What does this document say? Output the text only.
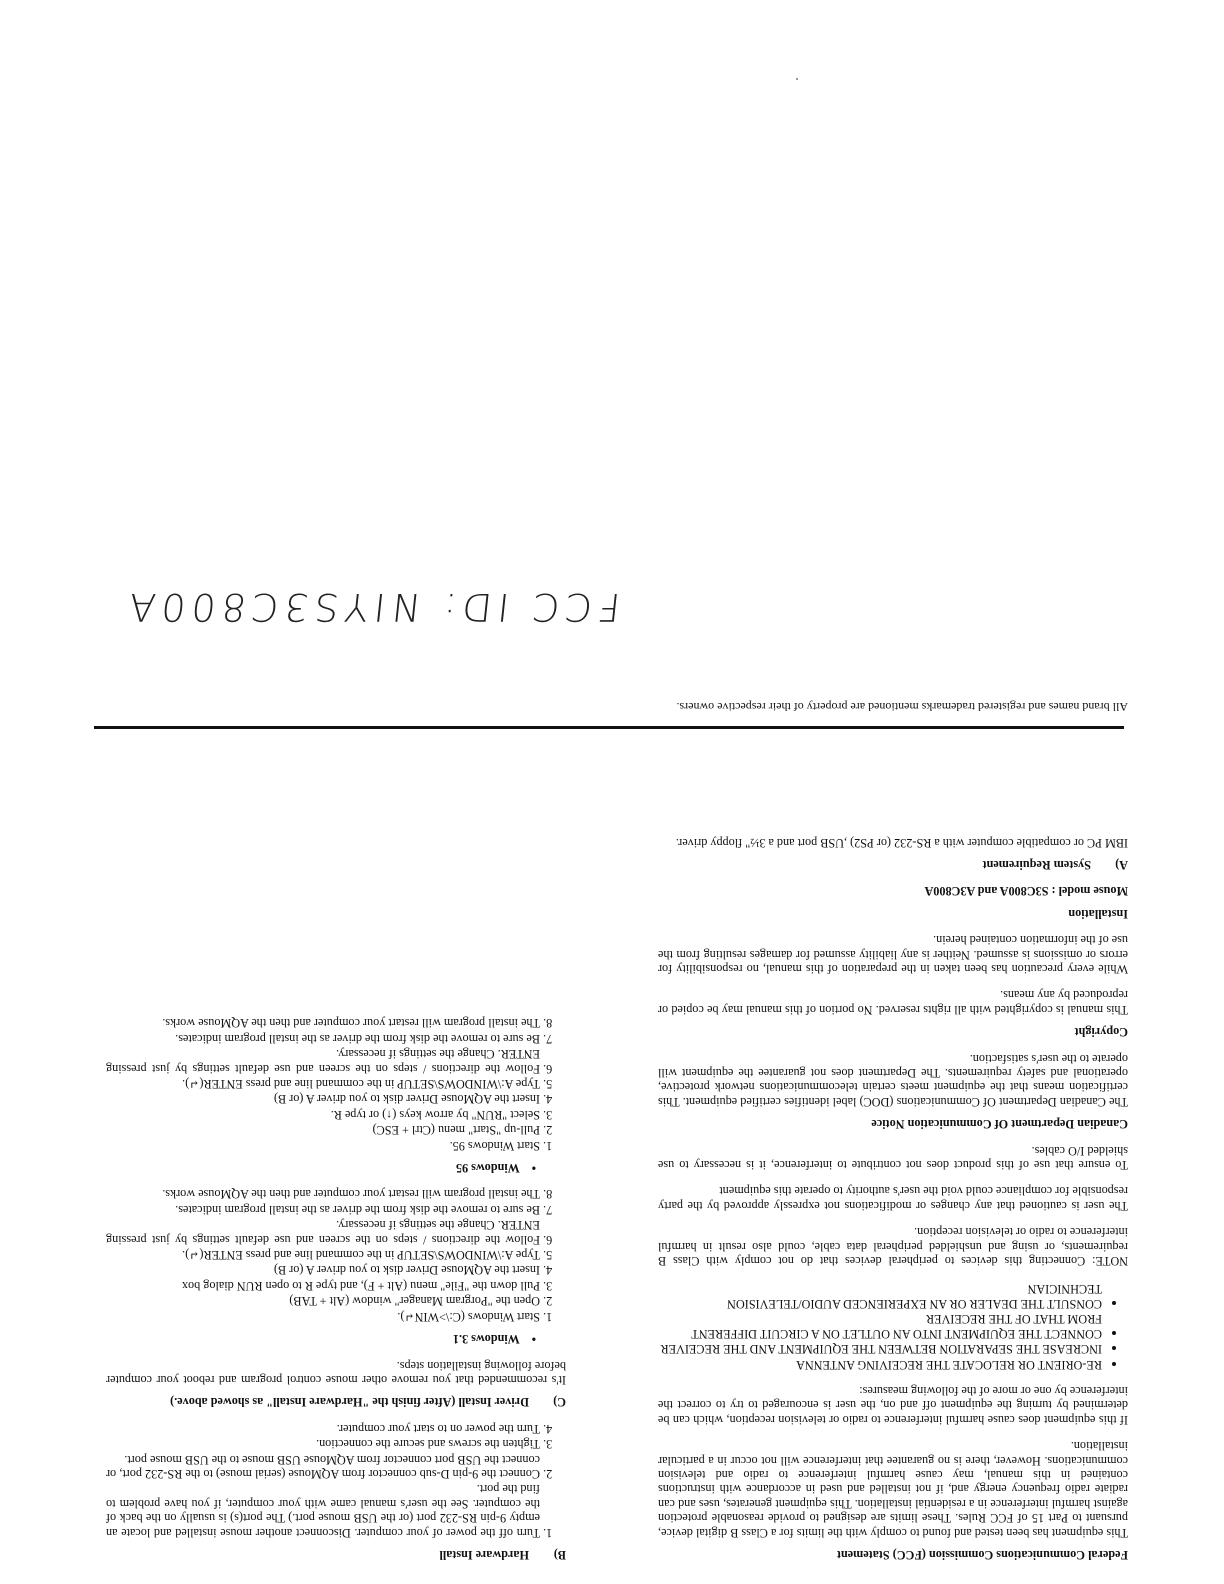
Federal Communications Commission (FCC) Statement

This equipment has been tested and found to comply with the limits for a Class B digital device, pursuant to Part 15 of FCC Rules. These limits are designed to provide reasonable protection against harmful interference in a residential installation. This equipment generates, uses and can radiate radio frequency energy and, if not installed and used in accordance with instructions contained in this manual, may cause harmful interference to radio and television communications. However, there is no guarantee that interference will not occur in a particular installation.

If this equipment does cause harmful interference to radio or television reception, which can be determined by turning the equipment off and on, the user is encouraged to try to correct the interference by one or more of the following measures:

• RE-ORIENT OR RELOCATE THE RECEIVING ANTENNA
• INCREASE THE SEPARATION BETWEEN THE EQUIPMENT AND THE RECEIVER
• CONNECT THE EQUIPMENT INTO AN OUTLET ON A CIRCUIT DIFFERENT FROM THAT OF THE RECEIVER
• CONSULT THE DEALER OR AN EXPERIENCED AUDIO/TELEVISION TECHNICIAN

NOTE: Connecting this devices to peripheral devices that do not comply with Class B requirements, or using and unshielded peripheral data cable, could also result in harmful interference to radio or television reception.

The user is cautioned that any changes or modifications not expressly approved by the party responsible for compliance could void the user's authority to operate this equipment

To ensure that use of this product does not contribute to interference, it is necessary to use shielded I/O cables.

Canadian Department Of Communication Notice

The Canadian Department Of Communications (DOC) label identifies certified equipment. This certification means that the equipment meets certain telecommunications network protective, operational and safety requirements. The Department does not guarantee the equipment will operate to the user's satisfaction.

Copyright

This manual is copyrighted with all rights reserved. No portion of this manual may be copied or reproduced by any means.

While every precaution has been taken in the preparation of this manual, no responsibility for errors or omissions is assumed. Neither is any liability assumed for damages resulting from the use of the information contained herein.

Installation

Mouse model : S3C800A and A3C800A

A) System Requirement

IBM PC or compatible computer with a RS-232 (or PS2) ,USB port and a 3½" floppy driver.

B) Hardware Install
1. Turn off the power of your computer. Disconnect another mouse installed and locate an empty 9-pin RS-232 port (or the USB mouse port.) The port(s) is usually on the back of the computer. See the user's manual came with your computer, if you have problem to find the port.
2. Connect the 9-pin D-sub connector from AQMouse (serial mouse) to the RS-232 port, or connect the USB port connector from AQMouse USB mouse to the USB mouse port.
3. Tighten the screws and secure the connection.
4. Turn the power on to start your computer.
C) Driver Install (After finish the "Hardware Install" as showed above.)

It's recommended that you remove other mouse control program and reboot your computer before following installation steps.

• Windows 3.1
1. Start Windows (C:\>WIN↵).
2. Open the "Porgram Manager" window (Alt + TAB)
3. Pull down the "File" menu (Alt + F), and type R to open RUN dialog box
4. Insert the AQMouse Driver disk to you driver A (or B)
5. Type A:\WINDOWS\SETUP in the command line and press ENTER(↵).
6. Follow the directions / steps on the screen and use default settings by just pressing ENTER. Change the settings if necessary.
7. Be sure to remove the disk from the driver as the install program indicates.
8. The install program will restart your computer and then the AQMouse works.
• Windows 95
1. Start Windows 95.
2. Pull-up "Start" menu (Ctrl + ESC)
3. Select "RUN" by arrow keys (↑) or type R.
4. Insert the AQMouse Driver disk to you driver A (or B)
5. Type A:\WINDOWS\SETUP in the command line and press ENTER(↵).
6. Follow the directions / steps on the screen and use default settings by just pressing ENTER. Change the settings if necessary.
7. Be sure to remove the disk from the driver as the install program indicates.
8. The install program will restart your computer and then the AQMouse works.
All brand names and registered trademarks mentioned are property of their respective owners.
FCC ID: NIYS3C800A
